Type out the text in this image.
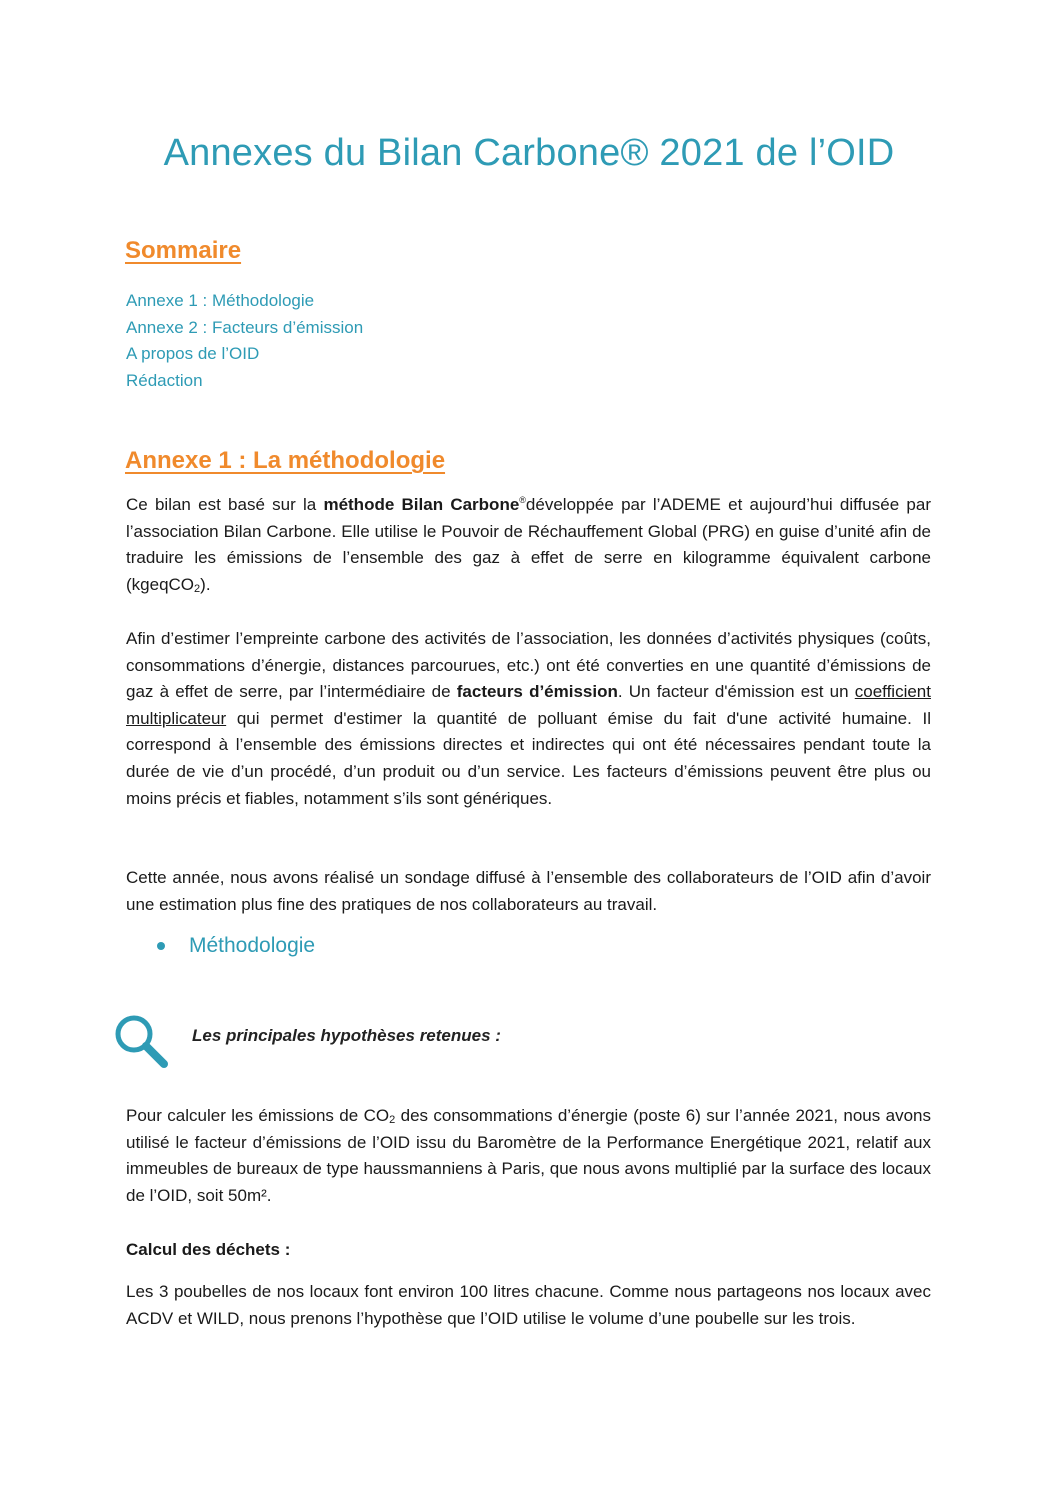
Annexes du Bilan Carbone® 2021 de l’OID
Sommaire
Annexe 1 : Méthodologie
Annexe 2 : Facteurs d’émission
A propos de l’OID
Rédaction
Annexe 1 : La méthodologie
Ce bilan est basé sur la méthode Bilan Carbone®développée par l’ADEME et aujourd’hui diffusée par l’association Bilan Carbone. Elle utilise le Pouvoir de Réchauffement Global (PRG) en guise d’unité afin de traduire les émissions de l’ensemble des gaz à effet de serre en kilogramme équivalent carbone (kgeqCO$_2$).
Afin d’estimer l’empreinte carbone des activités de l’association, les données d’activités physiques (coûts, consommations d’énergie, distances parcourues, etc.) ont été converties en une quantité d’émissions de gaz à effet de serre, par l’intermédiaire de facteurs d’émission. Un facteur d'émission est un coefficient multiplicateur qui permet d'estimer la quantité de polluant émise du fait d'une activité humaine. Il correspond à l’ensemble des émissions directes et indirectes qui ont été nécessaires pendant toute la durée de vie d’un procédé, d’un produit ou d’un service. Les facteurs d’émissions peuvent être plus ou moins précis et fiables, notamment s’ils sont génériques.
Cette année, nous avons réalisé un sondage diffusé à l’ensemble des collaborateurs de l’OID afin d’avoir une estimation plus fine des pratiques de nos collaborateurs au travail.
Méthodologie
Les principales hypothèses retenues :
Pour calculer les émissions de $CO_2$ des consommations d’énergie (poste 6) sur l’année 2021, nous avons utilisé le facteur d’émissions de l’OID issu du Baromètre de la Performance Energétique 2021, relatif aux immeubles de bureaux de type haussmanniens à Paris, que nous avons multiplié par la surface des locaux de l’OID, soit 50m².
Calcul des déchets :
Les 3 poubelles de nos locaux font environ 100 litres chacune. Comme nous partageons nos locaux avec ACDV et WILD, nous prenons l’hypothèse que l’OID utilise le volume d’une poubelle sur les trois.
